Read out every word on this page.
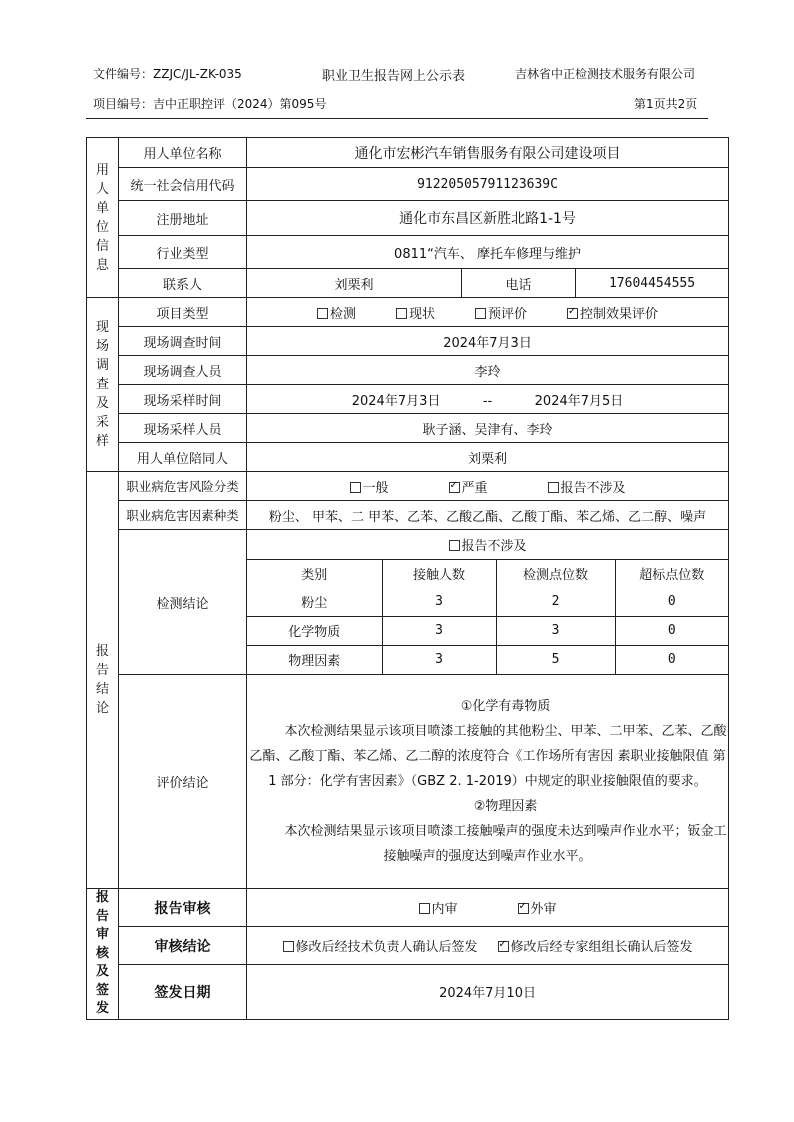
文件编号：ZZJC/JL-ZK-035	职业卫生报告网上公示表	吉林省中正检测技术服务有限公司
项目编号：吉中正职控评（2024）第095号	第1页共2页
用
人
单
位
信
息
	用人单位名称	通化市宏彬汽车销售服务有限公司建设项目
统一社会信用代码	91220505791123639C
注册地址	通化市东昌区新胜北路1-1号
行业类型	0811“汽车、 摩托车修理与维护
联系人	刘栗利	电话	17604454555

现
场
调
查
及
采
样
	项目类型	检测	现状	预评价 ✓	控制效果评价
现场调查时间	2024年7月3日
现场调查人员	李玲
现场采样时间	2024年7月3日	--	2024年7月5日
现场采样人员	耿子涵、吴津有、李玲
用人单位陪同人	刘栗利

报
告
结
论
	职业病危害风险分类	一般 ✓	严重	报告不涉及
职业病危害因素种类	粉尘、 甲苯、二 甲苯、乙苯、乙酸乙酯、乙酸丁酯、苯乙烯、乙二醇、噪声
检测结论	
报告不涉及
类别	接触人数	检测点位数	超标点位数
粉尘	3	2	0
化学物质	3	3	0
物理因素	3	5	0

评价结论	

①化学有毒物质

本次检测结果显示该项目喷漆工接触的其他粉尘、甲苯、二甲苯、乙苯、乙酸乙酯、乙酸丁酯、苯乙烯、乙二醇的浓度符合《工作场所有害因 素职业接触限值 第 1 部分：化学有害因素》（GBZ 2. 1-2019）中规定的职业接触限值的要求。

②物理因素

本次检测结果显示该项目喷漆工接触噪声的强度未达到噪声作业水平；钣金工接触噪声的强度达到噪声作业水平。

报
告
审
核
及
签
发
	报告审核	内审 ✓	外审
审核结论	修改后经技术负责人确认后签发 ✓	修改后经专家组组长确认后签发
签发日期	2024年7月10日
